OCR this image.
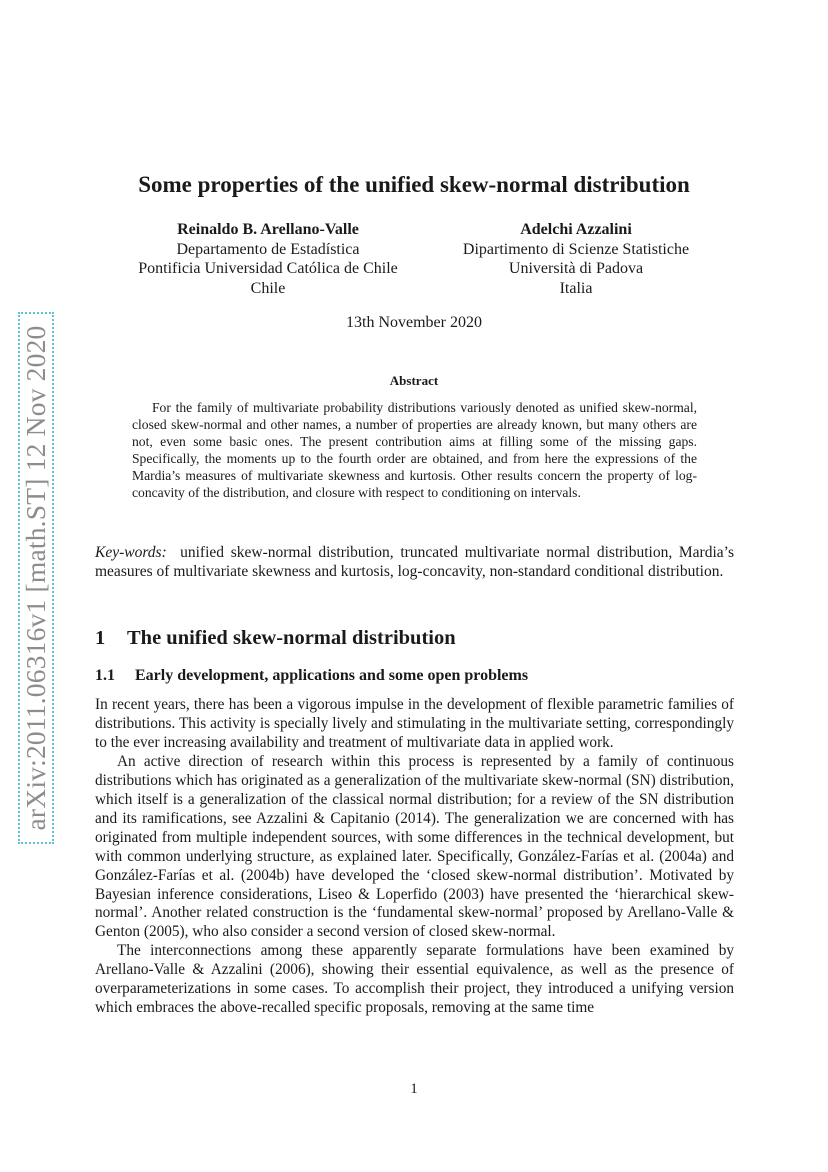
arXiv:2011.06316v1 [math.ST] 12 Nov 2020
Some properties of the unified skew-normal distribution
Reinaldo B. Arellano-Valle
Departamento de Estadística
Pontificia Universidad Católica de Chile
Chile
Adelchi Azzalini
Dipartimento di Scienze Statistiche
Università di Padova
Italia
13th November 2020
Abstract

For the family of multivariate probability distributions variously denoted as unified skew-normal, closed skew-normal and other names, a number of properties are already known, but many others are not, even some basic ones. The present contribution aims at filling some of the missing gaps. Specifically, the moments up to the fourth order are obtained, and from here the expressions of the Mardia’s measures of multivariate skewness and kurtosis. Other results concern the property of log-concavity of the distribution, and closure with respect to conditioning on intervals.

Key-words: unified skew-normal distribution, truncated multivariate normal distribution, Mardia’s measures of multivariate skewness and kurtosis, log-concavity, non-standard conditional distribution.

1 The unified skew-normal distribution
1.1 Early development, applications and some open problems

In recent years, there has been a vigorous impulse in the development of flexible parametric families of distributions. This activity is specially lively and stimulating in the multivariate setting, correspondingly to the ever increasing availability and treatment of multivariate data in applied work.

An active direction of research within this process is represented by a family of continuous distributions which has originated as a generalization of the multivariate skew-normal (SN) distribution, which itself is a generalization of the classical normal distribution; for a review of the SN distribution and its ramifications, see Azzalini & Capitanio (2014). The generalization we are concerned with has originated from multiple independent sources, with some differences in the technical development, but with common underlying structure, as explained later. Specifically, González-Farías et al. (2004a) and González-Farías et al. (2004b) have developed the ‘closed skew-normal distribution’. Motivated by Bayesian inference considerations, Liseo & Loperfido (2003) have presented the ‘hierarchical skew-normal’. Another related construction is the ‘fundamental skew-normal’ proposed by Arellano-Valle & Genton (2005), who also consider a second version of closed skew-normal.

The interconnections among these apparently separate formulations have been examined by Arellano-Valle & Azzalini (2006), showing their essential equivalence, as well as the presence of overparameterizations in some cases. To accomplish their project, they introduced a unifying version which embraces the above-recalled specific proposals, removing at the same time

1
